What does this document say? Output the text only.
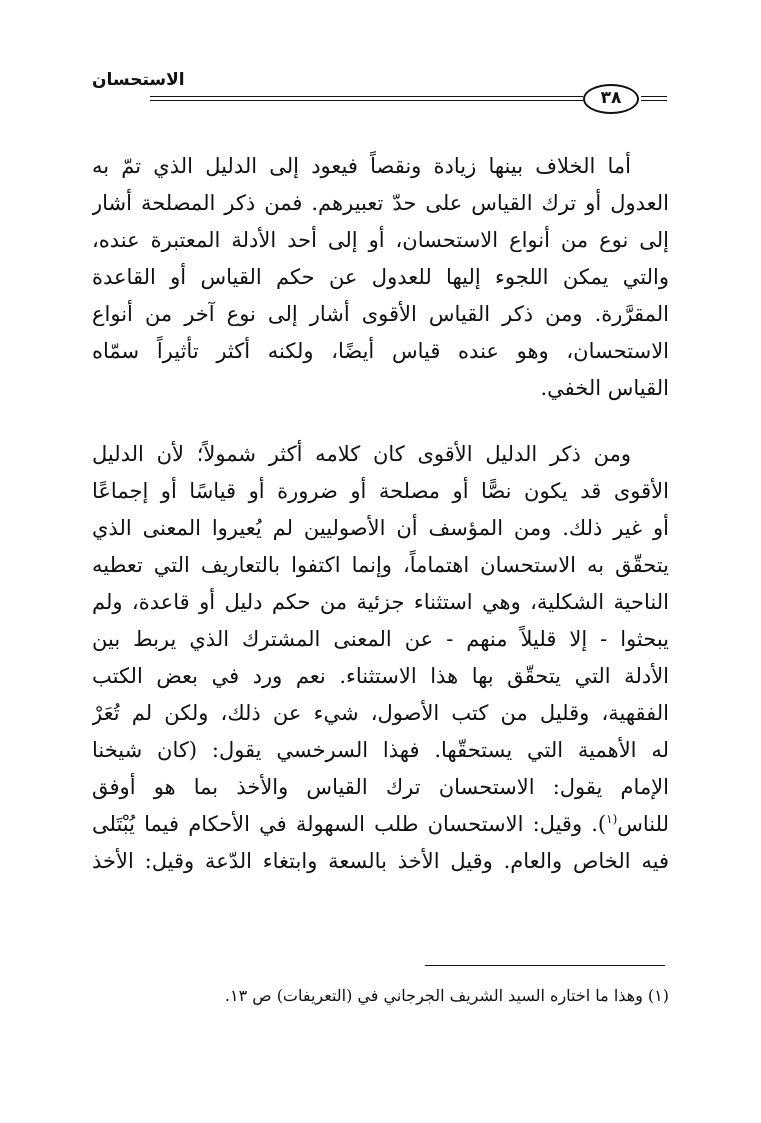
الاستحسان
٣٨
أما الخلاف بينها زيادة ونقصاً فيعود إلى الدليل الذي تمّ به
العدول أو ترك القياس على حدّ تعبيرهم. فمن ذكر المصلحة أشار
إلى نوع من أنواع الاستحسان، أو إلى أحد الأدلة المعتبرة عنده،
والتي يمكن اللجوء إليها للعدول عن حكم القياس أو القاعدة
المقرَّرة. ومن ذكر القياس الأقوى أشار إلى نوع آخر من أنواع
الاستحسان، وهو عنده قياس أيضًا، ولكنه أكثر تأثيراً سمّاه
القياس الخفي.
ومن ذكر الدليل الأقوى كان كلامه أكثر شمولاً؛ لأن الدليل
الأقوى قد يكون نصًّا أو مصلحة أو ضرورة أو قياسًا أو إجماعًا
أو غير ذلك. ومن المؤسف أن الأصوليين لم يُعيروا المعنى الذي
يتحقّق به الاستحسان اهتماماً، وإنما اكتفوا بالتعاريف التي تعطيه
الناحية الشكلية، وهي استثناء جزئية من حكم دليل أو قاعدة، ولم
يبحثوا - إلا قليلاً منهم - عن المعنى المشترك الذي يربط بين
الأدلة التي يتحقّق بها هذا الاستثناء. نعم ورد في بعض الكتب
الفقهية، وقليل من كتب الأصول، شيء عن ذلك، ولكن لم تُعَرْ
له الأهمية التي يستحقّها. فهذا السرخسي يقول: (كان شيخنا
الإمام يقول: الاستحسان ترك القياس والأخذ بما هو أوفق
للناس$^{(١}$). وقيل: الاستحسان طلب السهولة في الأحكام فيما يُبْتَلى
فيه الخاص والعام. وقيل الأخذ بالسعة وابتغاء الدّعة وقيل: الأخذ
(١) وهذا ما اختاره السيد الشريف الجرجاني في (التعريفات) ص ١٣.
